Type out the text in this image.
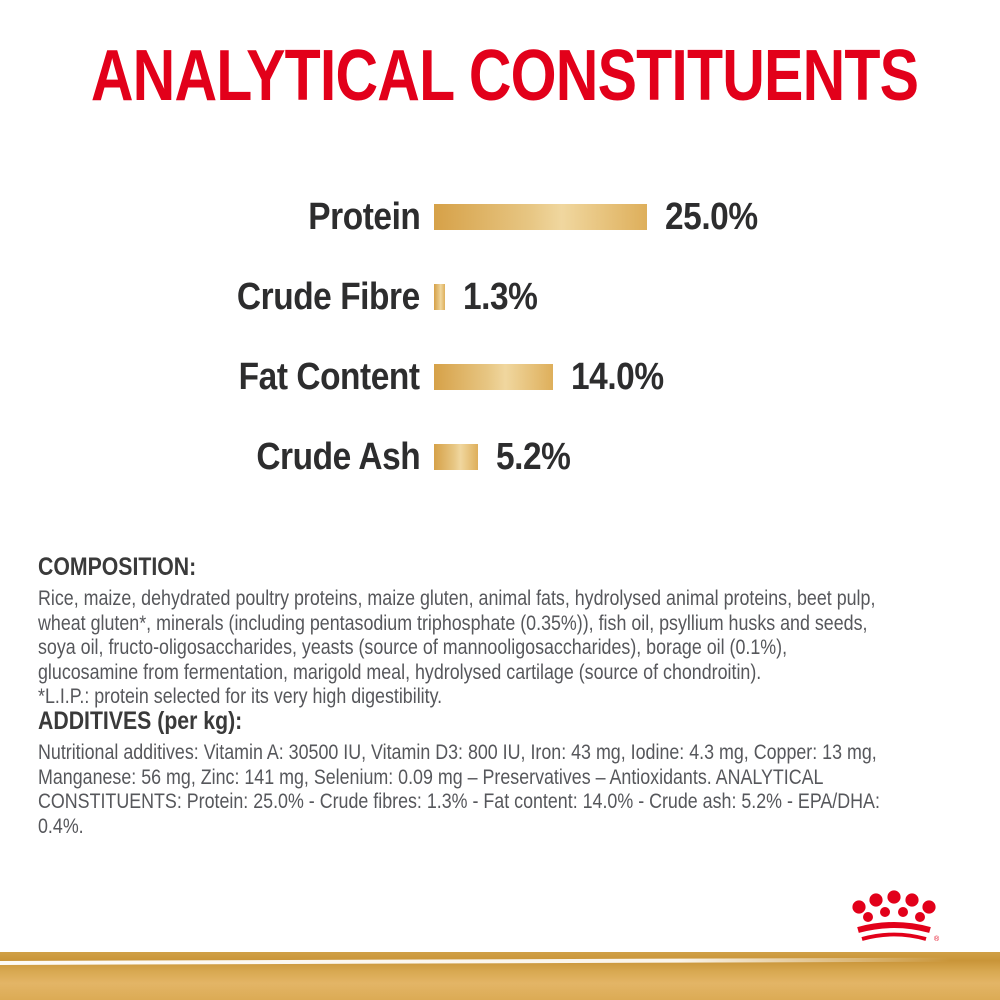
ANALYTICAL CONSTITUENTS
Protein	25.0%
Crude Fibre 1.3%
Fat Content	14.0%
Crude Ash 5.2%
COMPOSITION:
Rice, maize, dehydrated poultry proteins, maize gluten, animal fats, hydrolysed animal proteins, beet pulp,
wheat gluten*, minerals (including pentasodium triphosphate (0.35%)), fish oil, psyllium husks and seeds,
soya oil, fructo-oligosaccharides, yeasts (source of mannooligosaccharides), borage oil (0.1%),
glucosamine from fermentation, marigold meal, hydrolysed cartilage (source of chondroitin).
*L.I.P.: protein selected for its very high digestibility.
ADDITIVES (per kg):
Nutritional additives: Vitamin A: 30500 IU, Vitamin D3: 800 IU, Iron: 43 mg, Iodine: 4.3 mg, Copper: 13 mg,
Manganese: 56 mg, Zinc: 141 mg, Selenium: 0.09 mg – Preservatives – Antioxidants. ANALYTICAL
CONSTITUENTS: Protein: 25.0% - Crude fibres: 1.3% - Fat content: 14.0% - Crude ash: 5.2% - EPA/DHA:
0.4%.
®
